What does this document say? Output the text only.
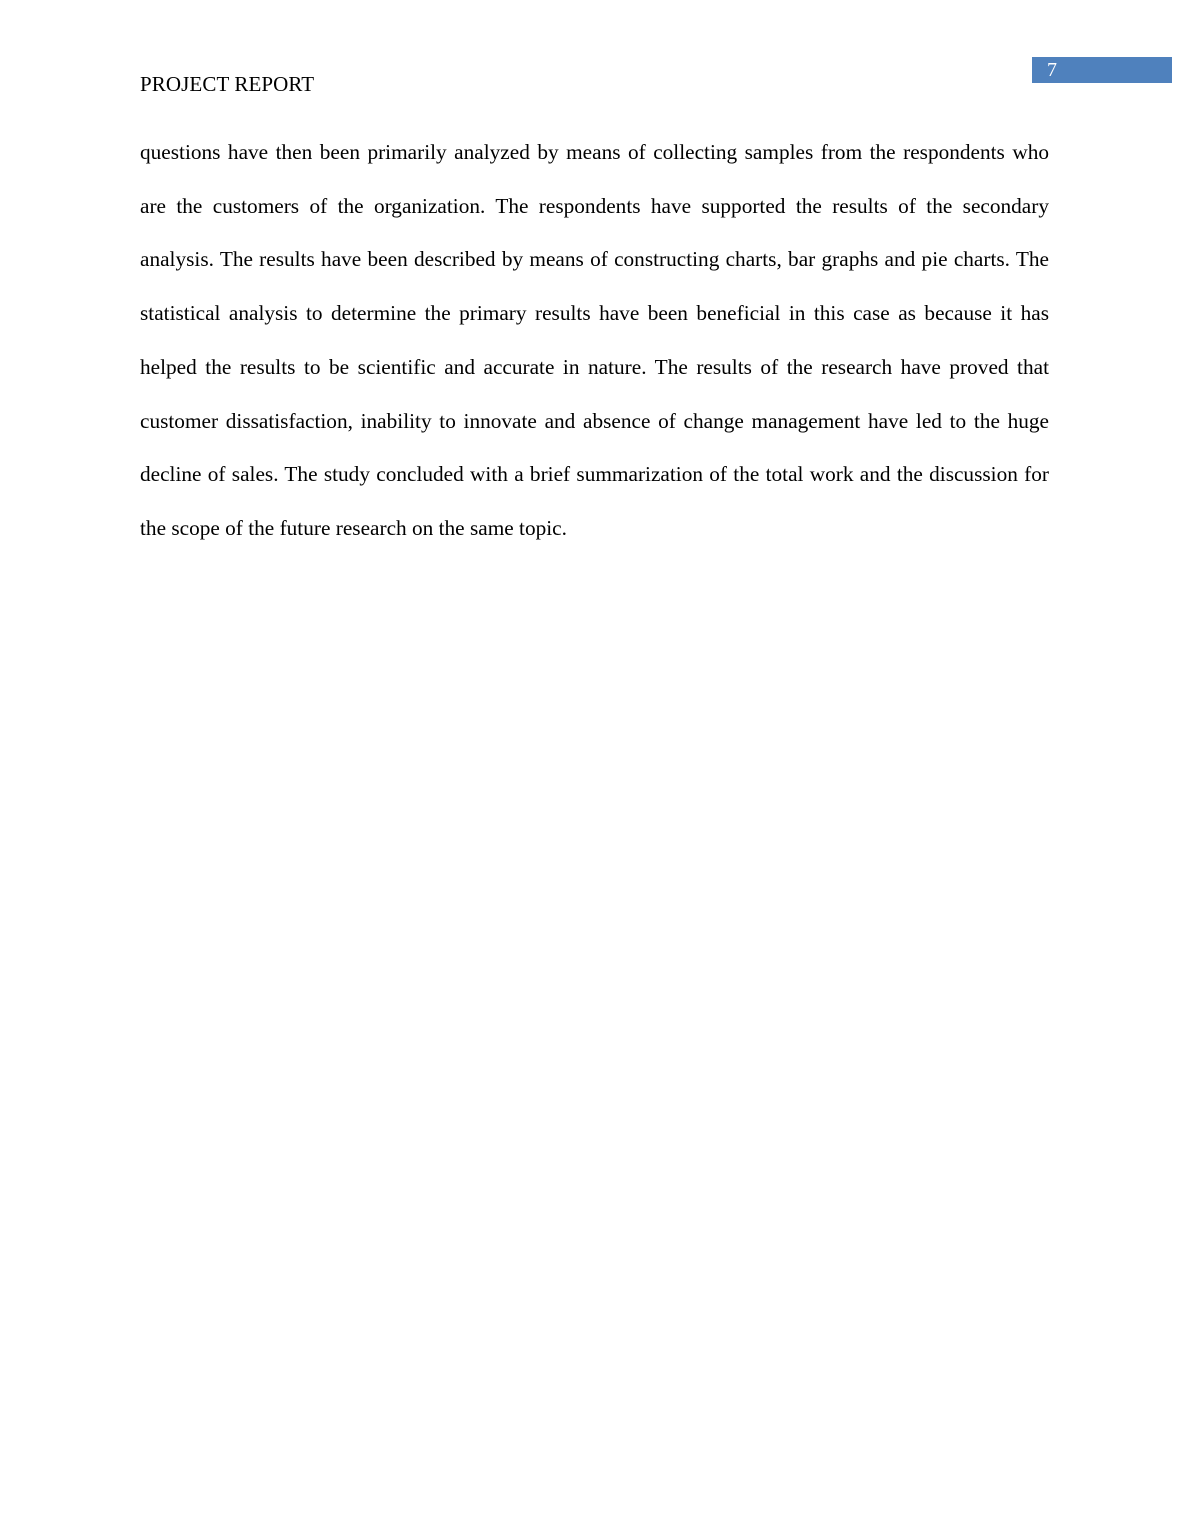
7
PROJECT REPORT

questions have then been primarily analyzed by means of collecting samples from the respondents who are the customers of the organization. The respondents have supported the results of the secondary analysis. The results have been described by means of constructing charts, bar graphs and pie charts. The statistical analysis to determine the primary results have been beneficial in this case as because it has helped the results to be scientific and accurate in nature. The results of the research have proved that customer dissatisfaction, inability to innovate and absence of change management have led to the huge decline of sales. The study concluded with a brief summarization of the total work and the discussion for the scope of the future research on the same topic.
